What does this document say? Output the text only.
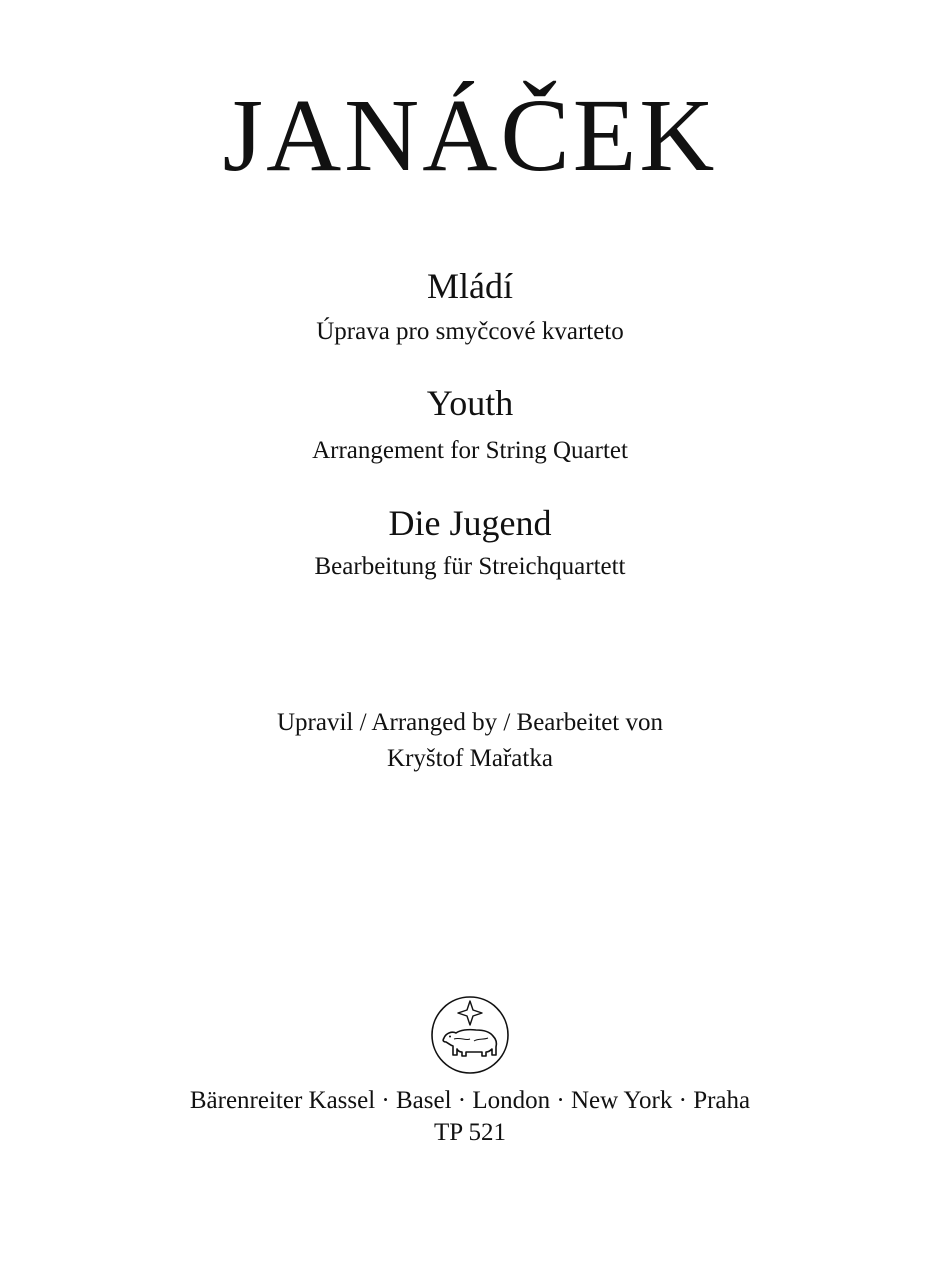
JANÁČEK
Mládí
Úprava pro smyčcové kvarteto
Youth
Arrangement for String Quartet
Die Jugend
Bearbeitung für Streichquartett
Upravil / Arranged by / Bearbeitet von
Kryštof Mařatka
Bärenreiter Kassel · Basel · London · New York · Praha
TP 521
